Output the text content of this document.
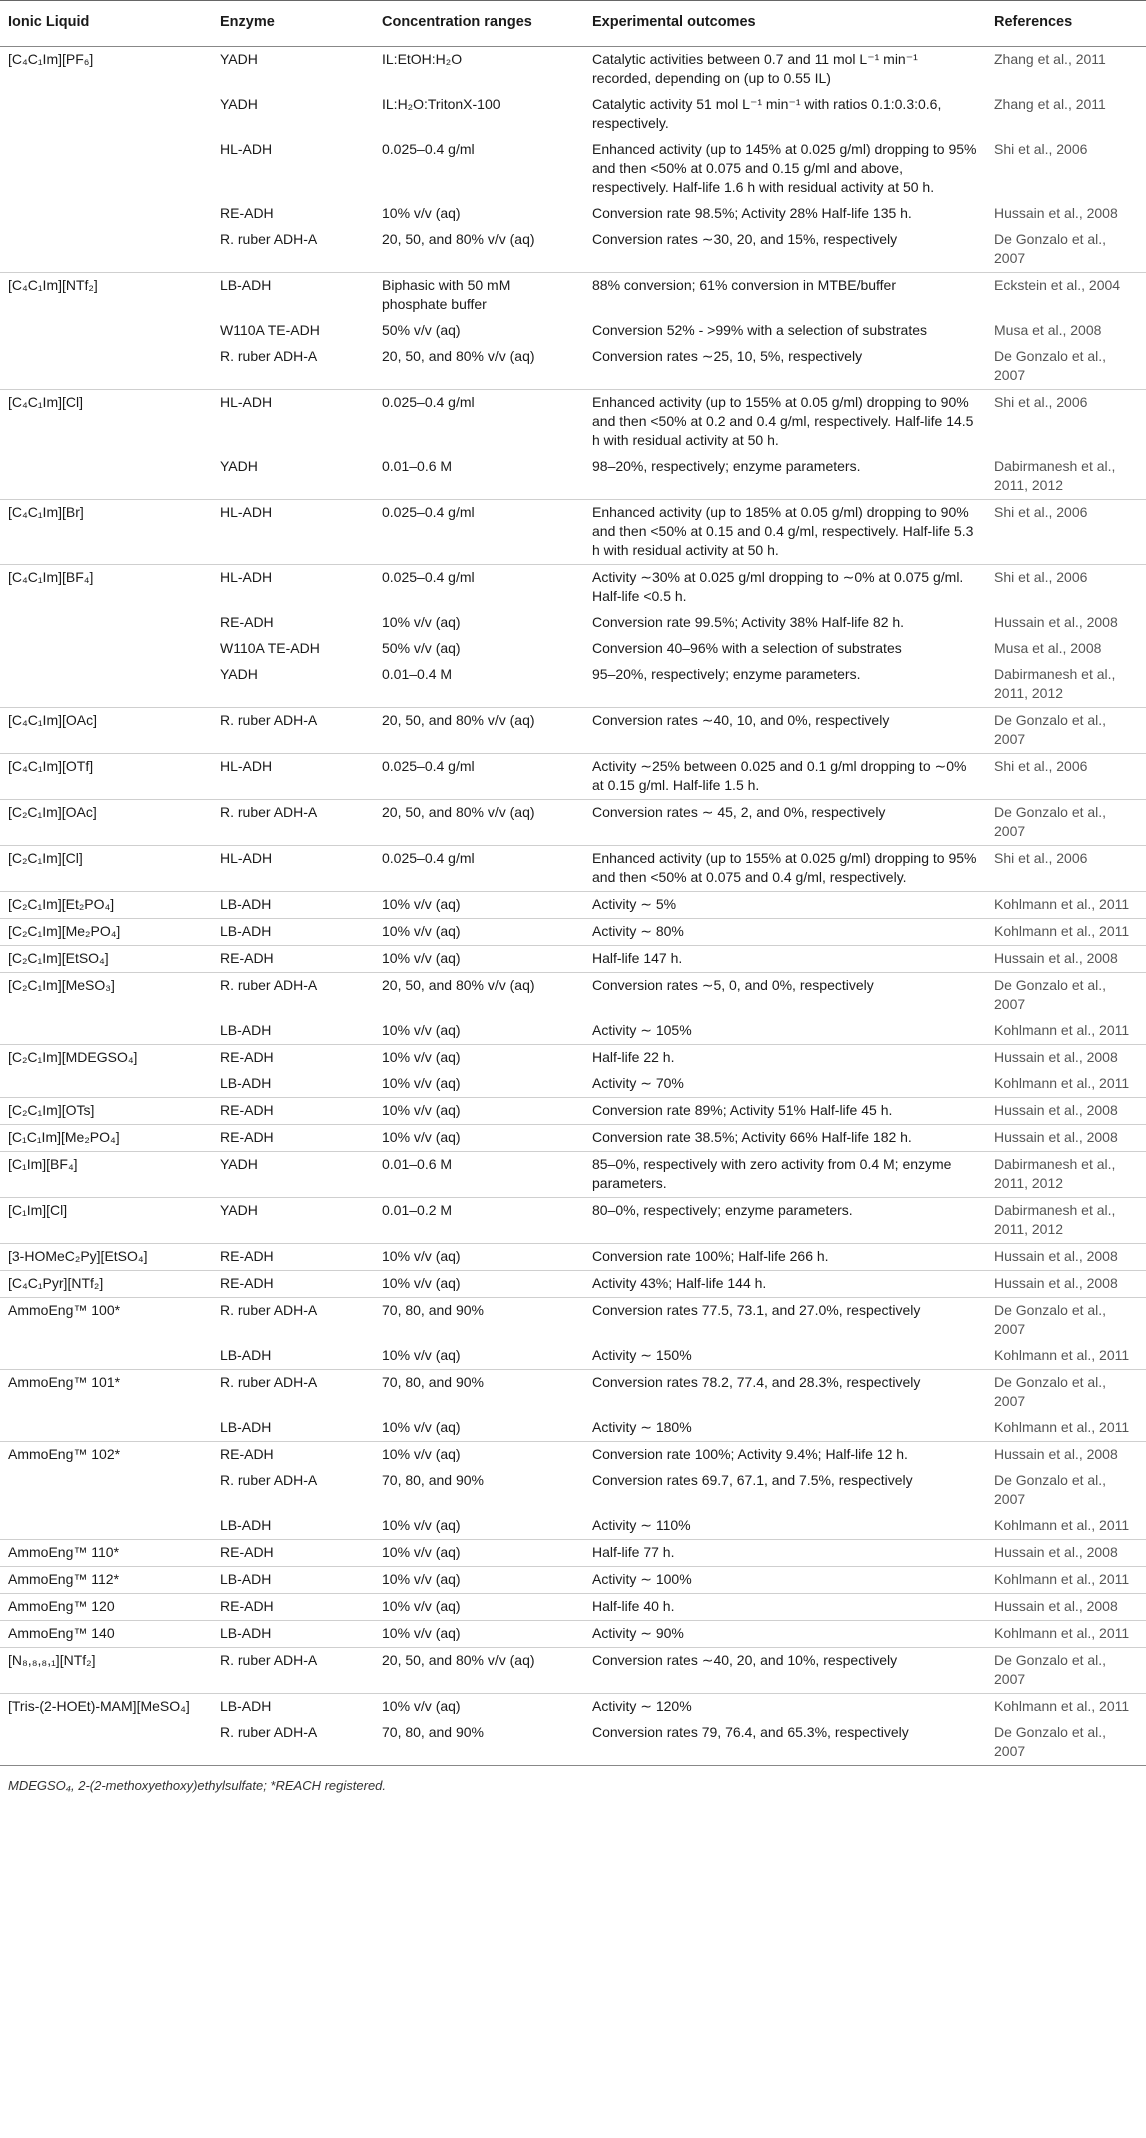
Ionic Liquid	Enzyme	Concentration ranges	Experimental outcomes	References
[C₄C₁Im][PF₆]	YADH	IL:EtOH:H₂O	Catalytic activities between 0.7 and 11 mol L⁻¹ min⁻¹ recorded, depending on (up to 0.55 IL)	Zhang et al., 2011
	YADH	IL:H₂O:TritonX-100	Catalytic activity 51 mol L⁻¹ min⁻¹ with ratios 0.1:0.3:0.6, respectively.	Zhang et al., 2011
	HL-ADH	0.025–0.4 g/ml	Enhanced activity (up to 145% at 0.025 g/ml) dropping to 95% and then <50% at 0.075 and 0.15 g/ml and above, respectively. Half-life 1.6 h with residual activity at 50 h.	Shi et al., 2006
	RE-ADH	10% v/v (aq)	Conversion rate 98.5%; Activity 28% Half-life 135 h.	Hussain et al., 2008
	R. ruber ADH-A	20, 50, and 80% v/v (aq)	Conversion rates ∼30, 20, and 15%, respectively	De Gonzalo et al., 2007
[C₄C₁Im][NTf₂]	LB-ADH	Biphasic with 50 mM phosphate buffer	88% conversion; 61% conversion in MTBE/buffer	Eckstein et al., 2004
	W110A TE-ADH	50% v/v (aq)	Conversion 52% - >99% with a selection of substrates	Musa et al., 2008
	R. ruber ADH-A	20, 50, and 80% v/v (aq)	Conversion rates ∼25, 10, 5%, respectively	De Gonzalo et al., 2007
[C₄C₁Im][Cl]	HL-ADH	0.025–0.4 g/ml	Enhanced activity (up to 155% at 0.05 g/ml) dropping to 90% and then <50% at 0.2 and 0.4 g/ml, respectively. Half-life 14.5 h with residual activity at 50 h.	Shi et al., 2006
	YADH	0.01–0.6 M	98–20%, respectively; enzyme parameters.	Dabirmanesh et al., 2011, 2012
[C₄C₁Im][Br]	HL-ADH	0.025–0.4 g/ml	Enhanced activity (up to 185% at 0.05 g/ml) dropping to 90% and then <50% at 0.15 and 0.4 g/ml, respectively. Half-life 5.3 h with residual activity at 50 h.	Shi et al., 2006
[C₄C₁Im][BF₄]	HL-ADH	0.025–0.4 g/ml	Activity ∼30% at 0.025 g/ml dropping to ∼0% at 0.075 g/ml. Half-life <0.5 h.	Shi et al., 2006
	RE-ADH	10% v/v (aq)	Conversion rate 99.5%; Activity 38% Half-life 82 h.	Hussain et al., 2008
	W110A TE-ADH	50% v/v (aq)	Conversion 40–96% with a selection of substrates	Musa et al., 2008
	YADH	0.01–0.4 M	95–20%, respectively; enzyme parameters.	Dabirmanesh et al., 2011, 2012
[C₄C₁Im][OAc]	R. ruber ADH-A	20, 50, and 80% v/v (aq)	Conversion rates ∼40, 10, and 0%, respectively	De Gonzalo et al., 2007
[C₄C₁Im][OTf]	HL-ADH	0.025–0.4 g/ml	Activity ∼25% between 0.025 and 0.1 g/ml dropping to ∼0% at 0.15 g/ml. Half-life 1.5 h.	Shi et al., 2006
[C₂C₁Im][OAc]	R. ruber ADH-A	20, 50, and 80% v/v (aq)	Conversion rates ∼ 45, 2, and 0%, respectively	De Gonzalo et al., 2007
[C₂C₁Im][Cl]	HL-ADH	0.025–0.4 g/ml	Enhanced activity (up to 155% at 0.025 g/ml) dropping to 95% and then <50% at 0.075 and 0.4 g/ml, respectively.	Shi et al., 2006
[C₂C₁Im][Et₂PO₄]	LB-ADH	10% v/v (aq)	Activity ∼ 5%	Kohlmann et al., 2011
[C₂C₁Im][Me₂PO₄]	LB-ADH	10% v/v (aq)	Activity ∼ 80%	Kohlmann et al., 2011
[C₂C₁Im][EtSO₄]	RE-ADH	10% v/v (aq)	Half-life 147 h.	Hussain et al., 2008
[C₂C₁Im][MeSO₃]	R. ruber ADH-A	20, 50, and 80% v/v (aq)	Conversion rates ∼5, 0, and 0%, respectively	De Gonzalo et al., 2007
	LB-ADH	10% v/v (aq)	Activity ∼ 105%	Kohlmann et al., 2011
[C₂C₁Im][MDEGSO₄]	RE-ADH	10% v/v (aq)	Half-life 22 h.	Hussain et al., 2008
	LB-ADH	10% v/v (aq)	Activity ∼ 70%	Kohlmann et al., 2011
[C₂C₁Im][OTs]	RE-ADH	10% v/v (aq)	Conversion rate 89%; Activity 51% Half-life 45 h.	Hussain et al., 2008
[C₁C₁Im][Me₂PO₄]	RE-ADH	10% v/v (aq)	Conversion rate 38.5%; Activity 66% Half-life 182 h.	Hussain et al., 2008
[C₁Im][BF₄]	YADH	0.01–0.6 M	85–0%, respectively with zero activity from 0.4 M; enzyme parameters.	Dabirmanesh et al., 2011, 2012
[C₁Im][Cl]	YADH	0.01–0.2 M	80–0%, respectively; enzyme parameters.	Dabirmanesh et al., 2011, 2012
[3-HOMeC₂Py][EtSO₄]	RE-ADH	10% v/v (aq)	Conversion rate 100%; Half-life 266 h.	Hussain et al., 2008
[C₄C₁Pyr][NTf₂]	RE-ADH	10% v/v (aq)	Activity 43%; Half-life 144 h.	Hussain et al., 2008
AmmoEng™ 100*	R. ruber ADH-A	70, 80, and 90%	Conversion rates 77.5, 73.1, and 27.0%, respectively	De Gonzalo et al., 2007
	LB-ADH	10% v/v (aq)	Activity ∼ 150%	Kohlmann et al., 2011
AmmoEng™ 101*	R. ruber ADH-A	70, 80, and 90%	Conversion rates 78.2, 77.4, and 28.3%, respectively	De Gonzalo et al., 2007
	LB-ADH	10% v/v (aq)	Activity ∼ 180%	Kohlmann et al., 2011
AmmoEng™ 102*	RE-ADH	10% v/v (aq)	Conversion rate 100%; Activity 9.4%; Half-life 12 h.	Hussain et al., 2008
	R. ruber ADH-A	70, 80, and 90%	Conversion rates 69.7, 67.1, and 7.5%, respectively	De Gonzalo et al., 2007
	LB-ADH	10% v/v (aq)	Activity ∼ 110%	Kohlmann et al., 2011
AmmoEng™ 110*	RE-ADH	10% v/v (aq)	Half-life 77 h.	Hussain et al., 2008
AmmoEng™ 112*	LB-ADH	10% v/v (aq)	Activity ∼ 100%	Kohlmann et al., 2011
AmmoEng™ 120	RE-ADH	10% v/v (aq)	Half-life 40 h.	Hussain et al., 2008
AmmoEng™ 140	LB-ADH	10% v/v (aq)	Activity ∼ 90%	Kohlmann et al., 2011
[N₈,₈,₈,₁][NTf₂]	R. ruber ADH-A	20, 50, and 80% v/v (aq)	Conversion rates ∼40, 20, and 10%, respectively	De Gonzalo et al., 2007
[Tris-(2-HOEt)-MAM][MeSO₄]	LB-ADH	10% v/v (aq)	Activity ∼ 120%	Kohlmann et al., 2011
	R. ruber ADH-A	70, 80, and 90%	Conversion rates 79, 76.4, and 65.3%, respectively	De Gonzalo et al., 2007
MDEGSO₄, 2-(2-methoxyethoxy)ethylsulfate; *REACH registered.				
